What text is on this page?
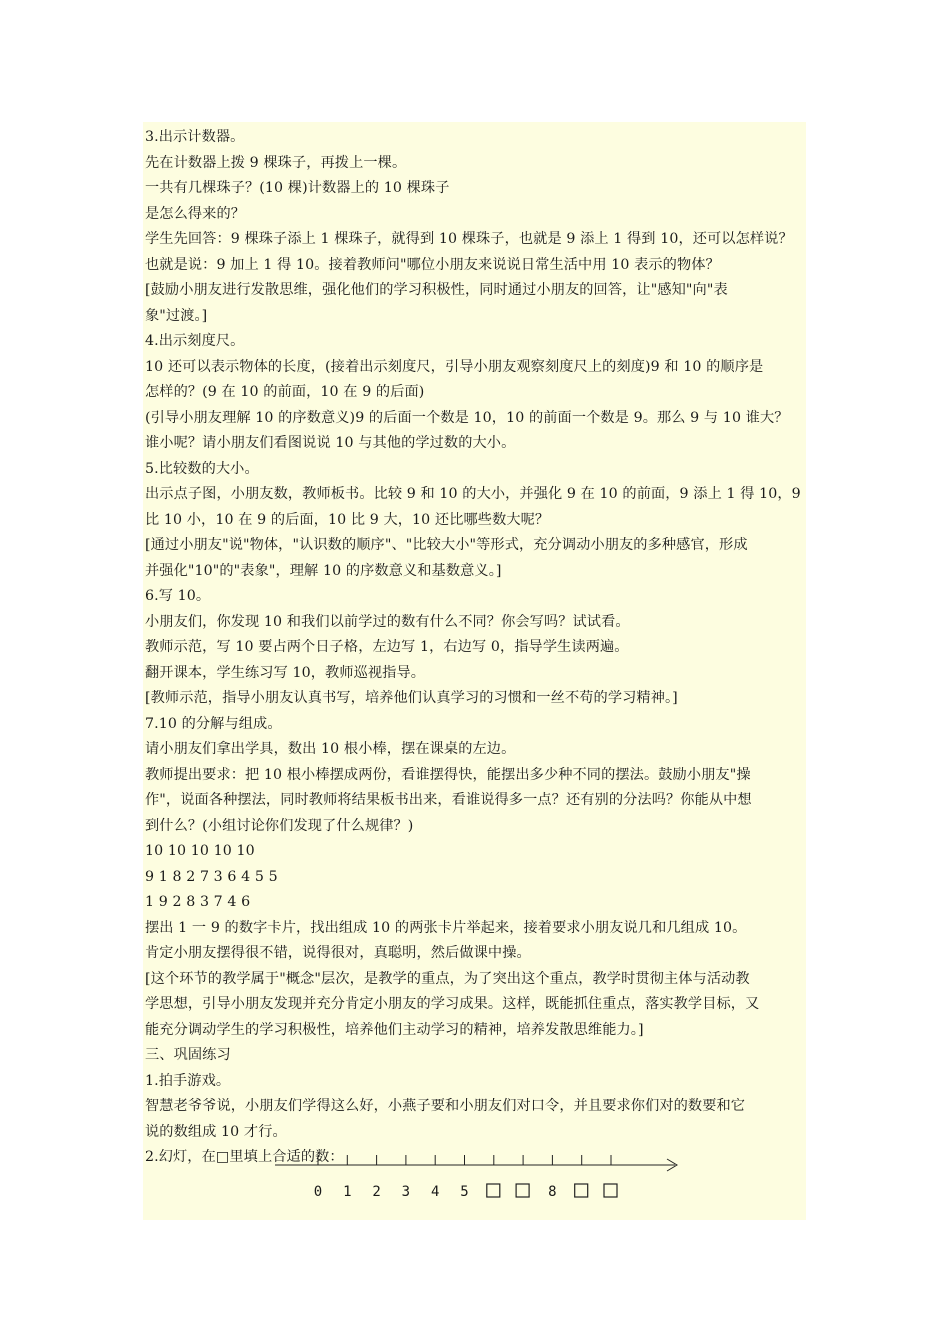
3.出示计数器。
先在计数器上拨 9 棵珠子，再拨上一棵。
一共有几棵珠子？(10 棵)计数器上的 10 棵珠子
是怎么得来的？
学生先回答：9 棵珠子添上 1 棵珠子，就得到 10 棵珠子，也就是 9 添上 1 得到 10，还可以怎样说？
也就是说：9 加上 1 得 10。接着教师问"哪位小朋友来说说日常生活中用 10 表示的物体？
[鼓励小朋友进行发散思维，强化他们的学习积极性，同时通过小朋友的回答，让"感知"向"表
象"过渡。]
4.出示刻度尺。
10 还可以表示物体的长度，(接着出示刻度尺，引导小朋友观察刻度尺上的刻度)9 和 10 的顺序是
怎样的？(9 在 10 的前面，10 在 9 的后面)
(引导小朋友理解 10 的序数意义)9 的后面一个数是 10，10 的前面一个数是 9。那么 9 与 10 谁大？
谁小呢？请小朋友们看图说说 10 与其他的学过数的大小。
5.比较数的大小。
出示点子图，小朋友数，教师板书。比较 9 和 10 的大小，并强化 9 在 10 的前面，9 添上 1 得 10，9
比 10 小，10 在 9 的后面，10 比 9 大，10 还比哪些数大呢？
[通过小朋友"说"物体，"认识数的顺序"、"比较大小"等形式，充分调动小朋友的多种感官，形成
并强化"10"的"表象"，理解 10 的序数意义和基数意义。]
6.写 10。
小朋友们，你发现 10 和我们以前学过的数有什么不同？你会写吗？试试看。
教师示范，写 10 要占两个日子格，左边写 1，右边写 0，指导学生读两遍。
翻开课本，学生练习写 10，教师巡视指导。
[教师示范，指导小朋友认真书写，培养他们认真学习的习惯和一丝不苟的学习精神。]
7.10 的分解与组成。
请小朋友们拿出学具，数出 10 根小棒，摆在课桌的左边。
教师提出要求：把 10 根小棒摆成两份，看谁摆得快，能摆出多少种不同的摆法。鼓励小朋友"操
作"，说面各种摆法，同时教师将结果板书出来，看谁说得多一点？还有别的分法吗？你能从中想
到什么？(小组讨论你们发现了什么规律？)
10 10 10 10 10
9 1 8 2 7 3 6 4 5 5
1 9 2 8 3 7 4 6
摆出 1 一 9 的数字卡片，找出组成 10 的两张卡片举起来，接着要求小朋友说几和几组成 10。
肯定小朋友摆得很不错，说得很对，真聪明，然后做课中操。
[这个环节的教学属于"概念"层次，是教学的重点，为了突出这个重点，教学时贯彻主体与活动教
学思想，引导小朋友发现并充分肯定小朋友的学习成果。这样，既能抓住重点，落实教学目标，又
能充分调动学生的学习积极性，培养他们主动学习的精神，培养发散思维能力。]
三、巩固练习
1.拍手游戏。
智慧老爷爷说，小朋友们学得这么好，小燕子要和小朋友们对口令，并且要求你们对的数要和它
说的数组成 10 才行。
2.幻灯，在□里填上合适的数：
0 1 2 3 4 5	8
